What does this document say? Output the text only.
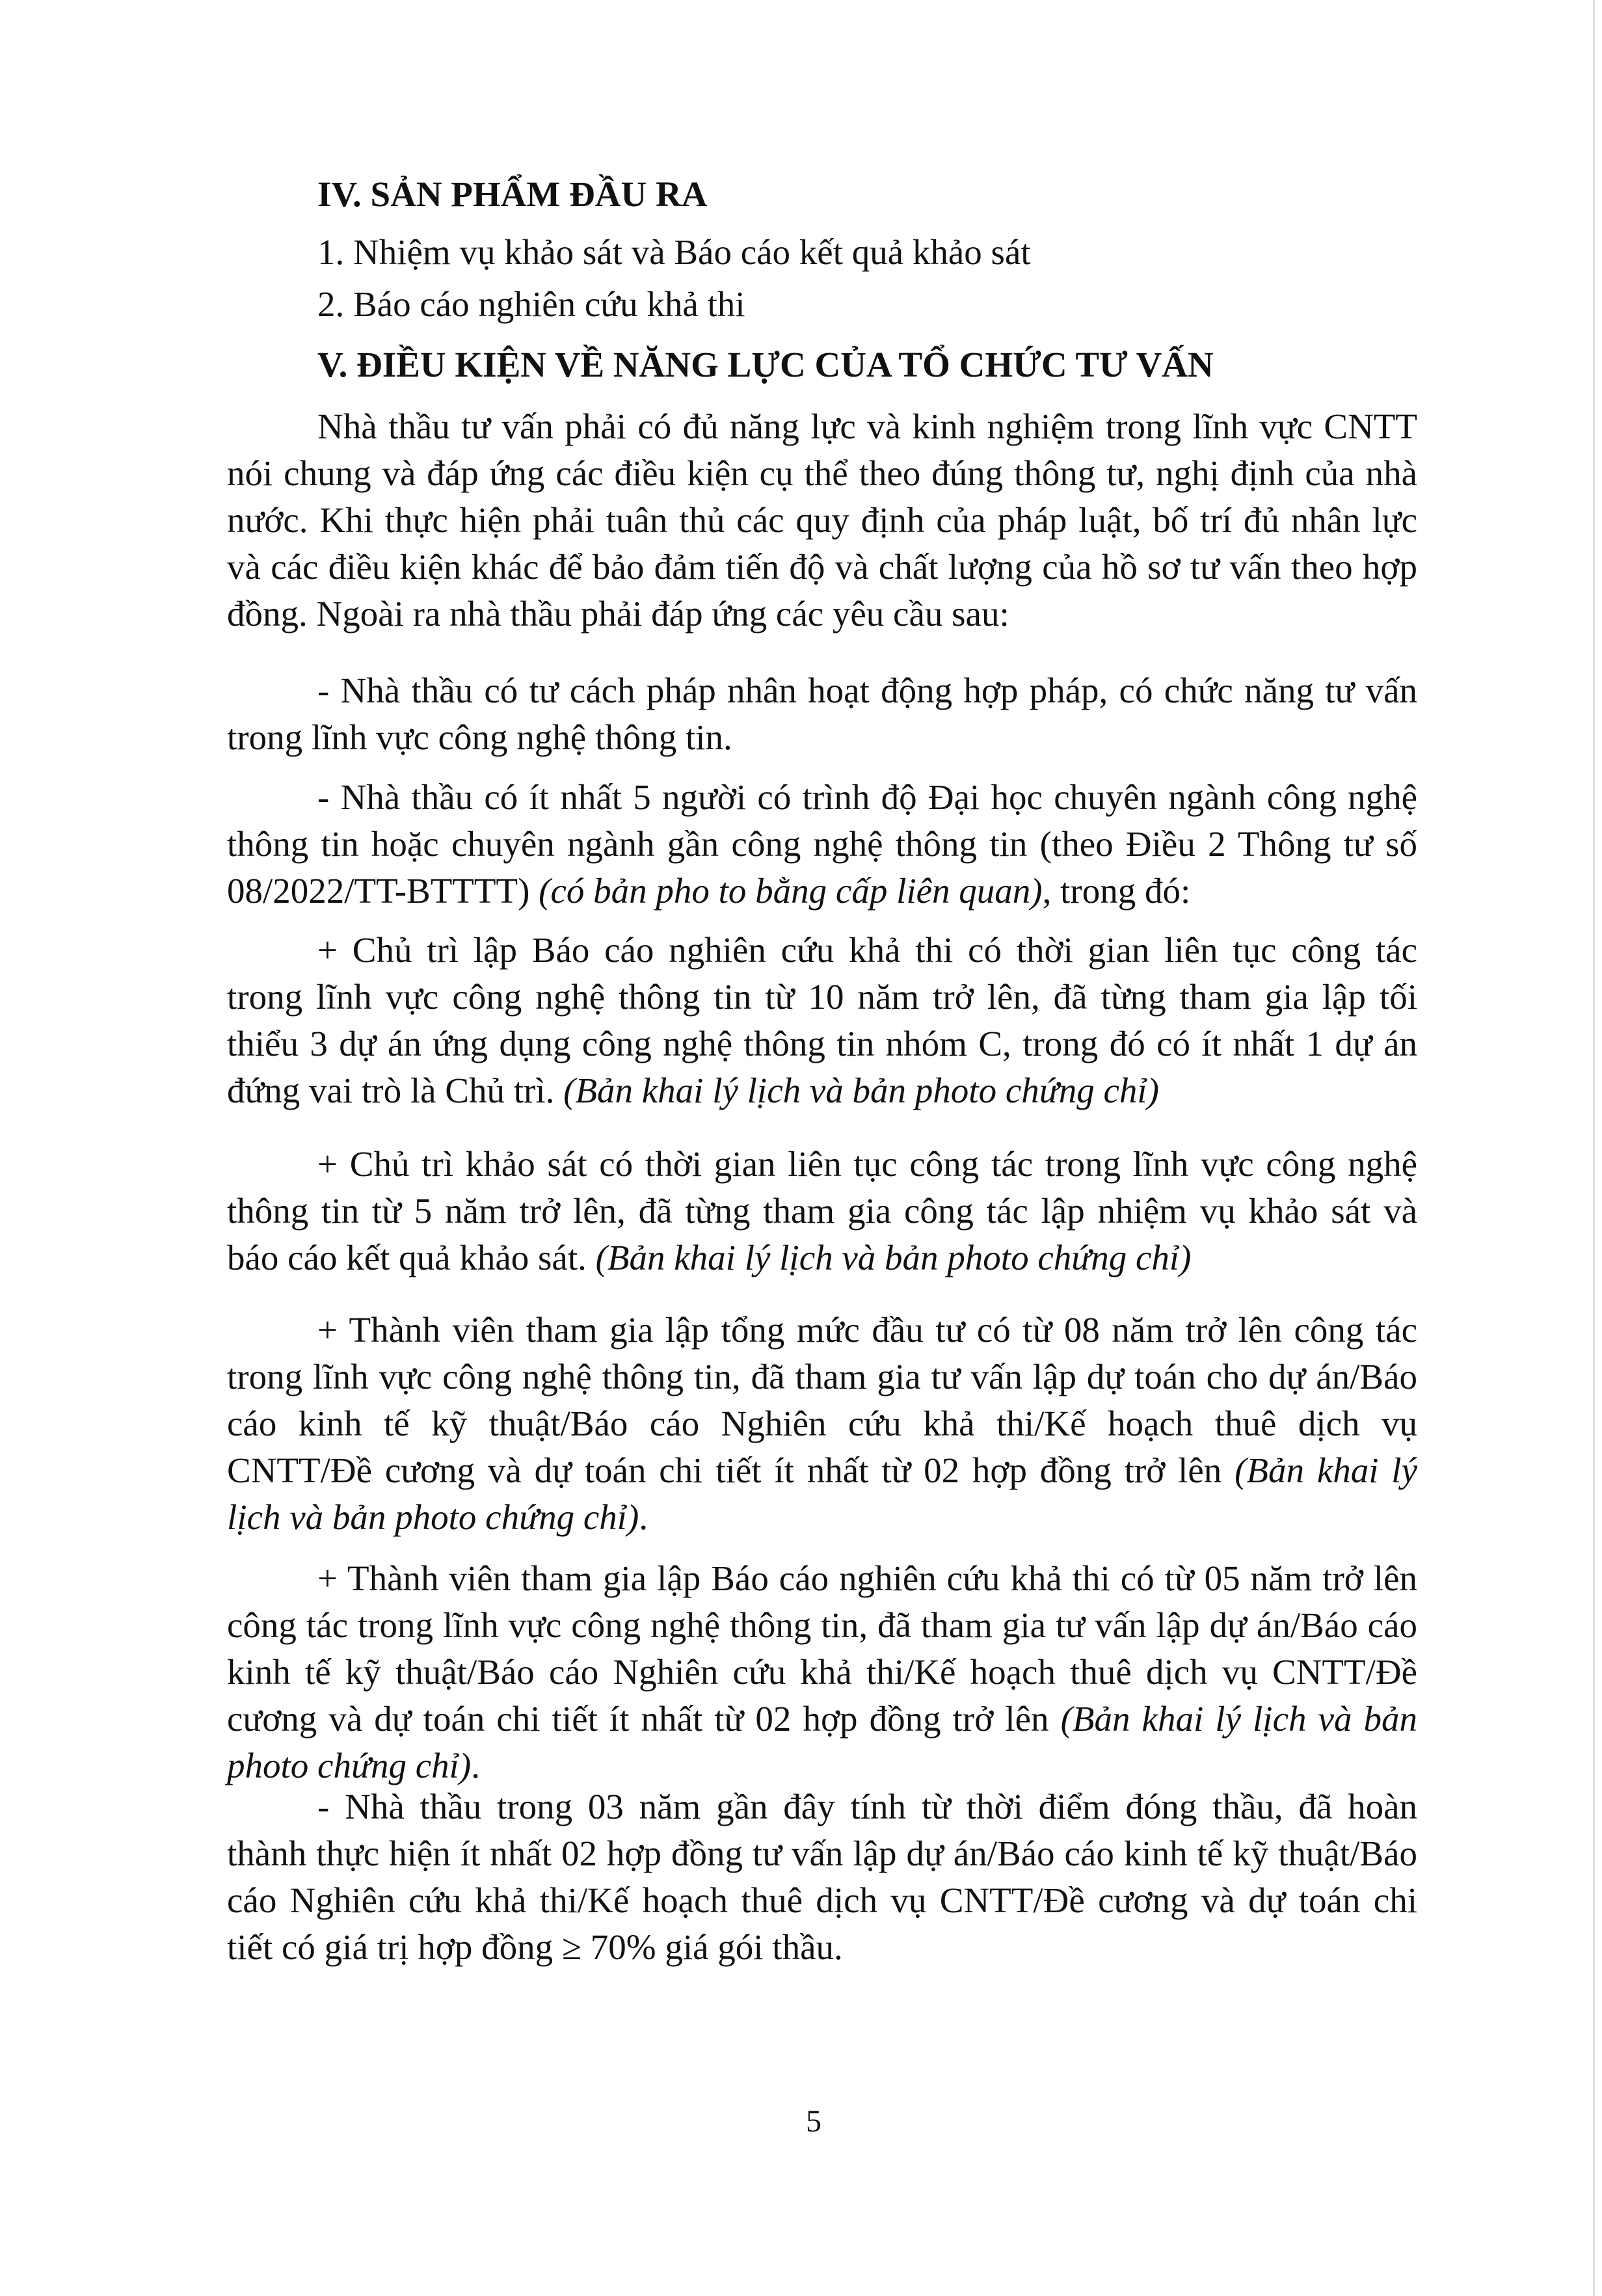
IV. SẢN PHẨM ĐẦU RA
1. Nhiệm vụ khảo sát và Báo cáo kết quả khảo sát
2. Báo cáo nghiên cứu khả thi
V. ĐIỀU KIỆN VỀ NĂNG LỰC CỦA TỔ CHỨC TƯ VẤN
Nhà thầu tư vấn phải có đủ năng lực và kinh nghiệm trong lĩnh vực CNTT
nói chung và đáp ứng các điều kiện cụ thể theo đúng thông tư, nghị định của nhà
nước. Khi thực hiện phải tuân thủ các quy định của pháp luật, bố trí đủ nhân lực
và các điều kiện khác để bảo đảm tiến độ và chất lượng của hồ sơ tư vấn theo hợp
đồng. Ngoài ra nhà thầu phải đáp ứng các yêu cầu sau:
- Nhà thầu có tư cách pháp nhân hoạt động hợp pháp, có chức năng tư vấn
trong lĩnh vực công nghệ thông tin.
- Nhà thầu có ít nhất 5 người có trình độ Đại học chuyên ngành công nghệ
thông tin hoặc chuyên ngành gần công nghệ thông tin (theo Điều 2 Thông tư số
08/2022/TT-BTTTT) (có bản pho to bằng cấp liên quan), trong đó:
+ Chủ trì lập Báo cáo nghiên cứu khả thi có thời gian liên tục công tác
trong lĩnh vực công nghệ thông tin từ 10 năm trở lên, đã từng tham gia lập tối
thiểu 3 dự án ứng dụng công nghệ thông tin nhóm C, trong đó có ít nhất 1 dự án
đứng vai trò là Chủ trì. (Bản khai lý lịch và bản photo chứng chỉ)
+ Chủ trì khảo sát có thời gian liên tục công tác trong lĩnh vực công nghệ
thông tin từ 5 năm trở lên, đã từng tham gia công tác lập nhiệm vụ khảo sát và
báo cáo kết quả khảo sát. (Bản khai lý lịch và bản photo chứng chỉ)
+ Thành viên tham gia lập tổng mức đầu tư có từ 08 năm trở lên công tác
trong lĩnh vực công nghệ thông tin, đã tham gia tư vấn lập dự toán cho dự án/Báo
cáo kinh tế kỹ thuật/Báo cáo Nghiên cứu khả thi/Kế hoạch thuê dịch vụ
CNTT/Đề cương và dự toán chi tiết ít nhất từ 02 hợp đồng trở lên (Bản khai lý
lịch và bản photo chứng chỉ).
+ Thành viên tham gia lập Báo cáo nghiên cứu khả thi có từ 05 năm trở lên
công tác trong lĩnh vực công nghệ thông tin, đã tham gia tư vấn lập dự án/Báo cáo
kinh tế kỹ thuật/Báo cáo Nghiên cứu khả thi/Kế hoạch thuê dịch vụ CNTT/Đề
cương và dự toán chi tiết ít nhất từ 02 hợp đồng trở lên (Bản khai lý lịch và bản
photo chứng chỉ).
- Nhà thầu trong 03 năm gần đây tính từ thời điểm đóng thầu, đã hoàn
thành thực hiện ít nhất 02 hợp đồng tư vấn lập dự án/Báo cáo kinh tế kỹ thuật/Báo
cáo Nghiên cứu khả thi/Kế hoạch thuê dịch vụ CNTT/Đề cương và dự toán chi
tiết có giá trị hợp đồng ≥ 70% giá gói thầu.
5
